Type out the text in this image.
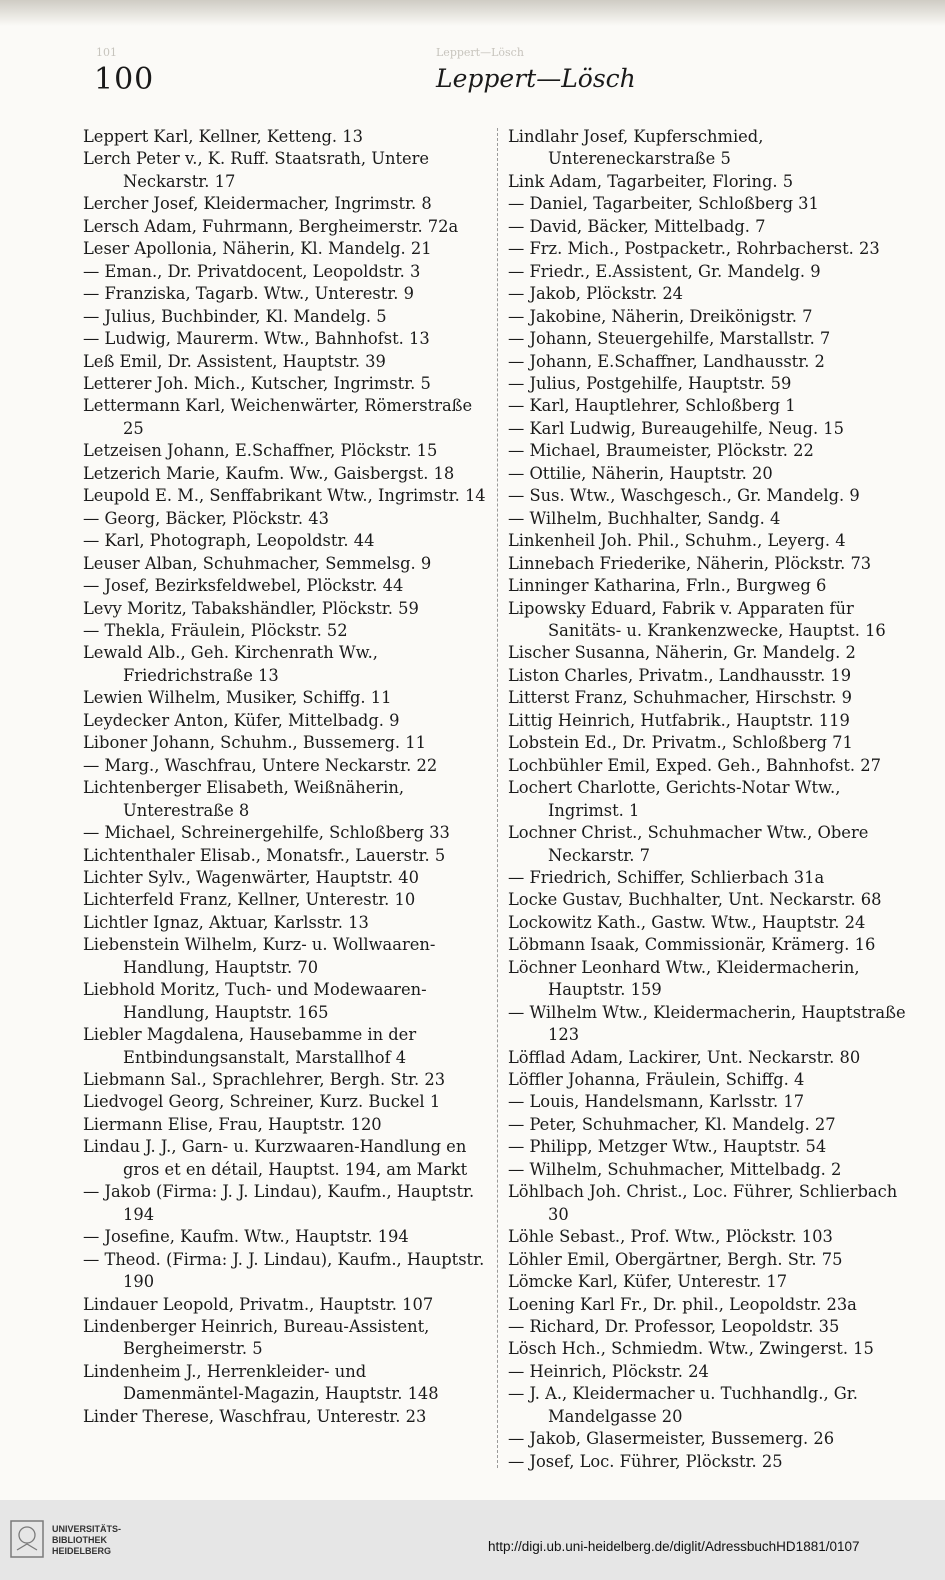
101	Leppert—Lösch
100	Leppert—Lösch
Leppert Karl, Kellner, Ketteng. 13
Lerch Peter v., K. Ruff. Staatsrath, Untere Neckarstr. 17
Lercher Josef, Kleidermacher, Ingrimstr. 8
Lersch Adam, Fuhrmann, Bergheimerstr. 72a
Leser Apollonia, Näherin, Kl. Mandelg. 21
— Eman., Dr. Privatdocent, Leopoldstr. 3
— Franziska, Tagarb. Wtw., Unterestr. 9
— Julius, Buchbinder, Kl. Mandelg. 5
— Ludwig, Maurerm. Wtw., Bahnhofst. 13
Leß Emil, Dr. Assistent, Hauptstr. 39
Letterer Joh. Mich., Kutscher, Ingrimstr. 5
Lettermann Karl, Weichenwärter, Römerstraße 25
Letzeisen Johann, E.Schaffner, Plöckstr. 15
Letzerich Marie, Kaufm. Ww., Gaisbergst. 18
Leupold E. M., Senffabrikant Wtw., Ingrimstr. 14
— Georg, Bäcker, Plöckstr. 43
— Karl, Photograph, Leopoldstr. 44
Leuser Alban, Schuhmacher, Semmelsg. 9
— Josef, Bezirksfeldwebel, Plöckstr. 44
Levy Moritz, Tabakshändler, Plöckstr. 59
— Thekla, Fräulein, Plöckstr. 52
Lewald Alb., Geh. Kirchenrath Ww., Friedrichstraße 13
Lewien Wilhelm, Musiker, Schiffg. 11
Leydecker Anton, Küfer, Mittelbadg. 9
Liboner Johann, Schuhm., Bussemerg. 11
— Marg., Waschfrau, Untere Neckarstr. 22
Lichtenberger Elisabeth, Weißnäherin, Unterestraße 8
— Michael, Schreinergehilfe, Schloßberg 33
Lichtenthaler Elisab., Monatsfr., Lauerstr. 5
Lichter Sylv., Wagenwärter, Hauptstr. 40
Lichterfeld Franz, Kellner, Unterestr. 10
Lichtler Ignaz, Aktuar, Karlsstr. 13
Liebenstein Wilhelm, Kurz- u. Wollwaaren-Handlung, Hauptstr. 70
Liebhold Moritz, Tuch- und Modewaaren-Handlung, Hauptstr. 165
Liebler Magdalena, Hausebamme in der Entbindungsanstalt, Marstallhof 4
Liebmann Sal., Sprachlehrer, Bergh. Str. 23
Liedvogel Georg, Schreiner, Kurz. Buckel 1
Liermann Elise, Frau, Hauptstr. 120
Lindau J. J., Garn- u. Kurzwaaren-Handlung en gros et en détail, Hauptst. 194, am Markt
— Jakob (Firma: J. J. Lindau), Kaufm., Hauptstr. 194
— Josefine, Kaufm. Wtw., Hauptstr. 194
— Theod. (Firma: J. J. Lindau), Kaufm., Hauptstr. 190
Lindauer Leopold, Privatm., Hauptstr. 107
Lindenberger Heinrich, Bureau-Assistent, Bergheimerstr. 5
Lindenheim J., Herrenkleider- und Damenmäntel-Magazin, Hauptstr. 148
Linder Therese, Waschfrau, Unterestr. 23
Lindlahr Josef, Kupferschmied, Untereneckarstraße 5
Link Adam, Tagarbeiter, Floring. 5
— Daniel, Tagarbeiter, Schloßberg 31
— David, Bäcker, Mittelbadg. 7
— Frz. Mich., Postpacketr., Rohrbacherst. 23
— Friedr., E.Assistent, Gr. Mandelg. 9
— Jakob, Plöckstr. 24
— Jakobine, Näherin, Dreikönigstr. 7
— Johann, Steuergehilfe, Marstallstr. 7
— Johann, E.Schaffner, Landhausstr. 2
— Julius, Postgehilfe, Hauptstr. 59
— Karl, Hauptlehrer, Schloßberg 1
— Karl Ludwig, Bureaugehilfe, Neug. 15
— Michael, Braumeister, Plöckstr. 22
— Ottilie, Näherin, Hauptstr. 20
— Sus. Wtw., Waschgesch., Gr. Mandelg. 9
— Wilhelm, Buchhalter, Sandg. 4
Linkenheil Joh. Phil., Schuhm., Leyerg. 4
Linnebach Friederike, Näherin, Plöckstr. 73
Linninger Katharina, Frln., Burgweg 6
Lipowsky Eduard, Fabrik v. Apparaten für Sanitäts- u. Krankenzwecke, Hauptst. 16
Lischer Susanna, Näherin, Gr. Mandelg. 2
Liston Charles, Privatm., Landhausstr. 19
Litterst Franz, Schuhmacher, Hirschstr. 9
Littig Heinrich, Hutfabrik., Hauptstr. 119
Lobstein Ed., Dr. Privatm., Schloßberg 71
Lochbühler Emil, Exped. Geh., Bahnhofst. 27
Lochert Charlotte, Gerichts-Notar Wtw., Ingrimst. 1
Lochner Christ., Schuhmacher Wtw., Obere Neckarstr. 7
— Friedrich, Schiffer, Schlierbach 31a
Locke Gustav, Buchhalter, Unt. Neckarstr. 68
Lockowitz Kath., Gastw. Wtw., Hauptstr. 24
Löbmann Isaak, Commissionär, Krämerg. 16
Löchner Leonhard Wtw., Kleidermacherin, Hauptstr. 159
— Wilhelm Wtw., Kleidermacherin, Hauptstraße 123
Löfflad Adam, Lackirer, Unt. Neckarstr. 80
Löffler Johanna, Fräulein, Schiffg. 4
— Louis, Handelsmann, Karlsstr. 17
— Peter, Schuhmacher, Kl. Mandelg. 27
— Philipp, Metzger Wtw., Hauptstr. 54
— Wilhelm, Schuhmacher, Mittelbadg. 2
Löhlbach Joh. Christ., Loc. Führer, Schlierbach 30
Löhle Sebast., Prof. Wtw., Plöckstr. 103
Löhler Emil, Obergärtner, Bergh. Str. 75
Lömcke Karl, Küfer, Unterestr. 17
Loening Karl Fr., Dr. phil., Leopoldstr. 23a
— Richard, Dr. Professor, Leopoldstr. 35
Lösch Hch., Schmiedm. Wtw., Zwingerst. 15
— Heinrich, Plöckstr. 24
— J. A., Kleidermacher u. Tuchhandlg., Gr. Mandelgasse 20
— Jakob, Glasermeister, Bussemerg. 26
— Josef, Loc. Führer, Plöckstr. 25
UNIVERSITÄTS-
BIBLIOTHEK
HEIDELBERG	http://digi.ub.uni-heidelberg.de/diglit/AdressbuchHD1881/0107
